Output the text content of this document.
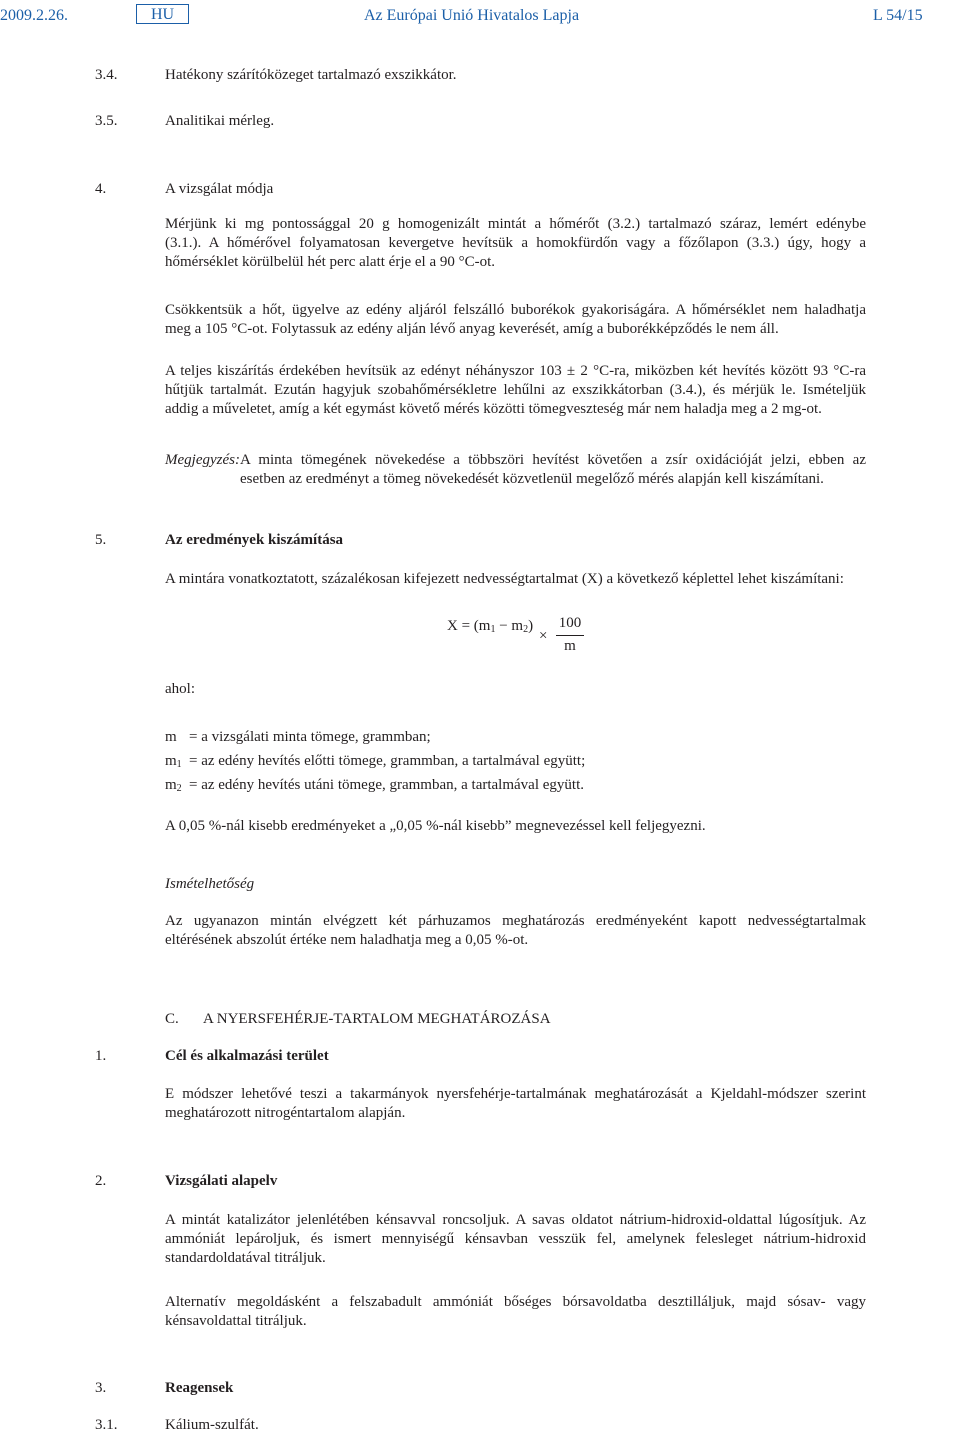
2009.2.26.	HU	Az Európai Unió Hivatalos Lapja	L 54/15
3.4.	Hatékony szárítóközeget tartalmazó exszikkátor.
3.5.	Analitikai mérleg.
4.	A vizsgálat módja
Mérjünk ki mg pontossággal 20 g homogenizált mintát a hőmérőt (3.2.) tartalmazó száraz, lemért edénybe
(3.1.). A hőmérővel folyamatosan kevergetve hevítsük a homokfürdőn vagy a főzőlapon (3.3.) úgy, hogy a
hőmérséklet körülbelül hét perc alatt érje el a 90 °C-ot.
Csökkentsük a hőt, ügyelve az edény aljáról felszálló buborékok gyakoriságára. A hőmérséklet nem haladhatja
meg a 105 °C-ot. Folytassuk az edény alján lévő anyag keverését, amíg a buborékképződés le nem áll.
A teljes kiszárítás érdekében hevítsük az edényt néhányszor 103 ± 2 °C-ra, miközben két hevítés között 93 °C-ra
hűtjük tartalmát. Ezután hagyjuk szobahőmérsékletre lehűlni az exszikkátorban (3.4.), és mérjük le. Ismételjük
addig a műveletet, amíg a két egymást követő mérés közötti tömegveszteség már nem haladja meg a 2 mg-ot.
Megjegyzés: A minta tömegének növekedése a többszöri hevítést követően a zsír oxidációját jelzi, ebben az
esetben az eredményt a tömeg növekedését közvetlenül megelőző mérés alapján kell kiszámítani.
5.	Az eredmények kiszámítása
A mintára vonatkoztatott, százalékosan kifejezett nedvességtartalmat (X) a következő képlettel lehet kiszámítani:
$X = (m_1 - m_2)$
×
100
m
ahol:
m = a vizsgálati minta tömege, grammban;
$m_1$ = az edény hevítés előtti tömege, grammban, a tartalmával együtt;
$m_2$ = az edény hevítés utáni tömege, grammban, a tartalmával együtt.
A 0,05 %-nál kisebb eredményeket a „0,05 %-nál kisebb” megnevezéssel kell feljegyezni.
Ismételhetőség
Az ugyanazon mintán elvégzett két párhuzamos meghatározás eredményeként kapott nedvességtartalmak
eltérésének abszolút értéke nem haladhatja meg a 0,05 %-ot.
C. A NYERSFEHÉRJE-TARTALOM MEGHATÁROZÁSA
1.	Cél és alkalmazási terület
E módszer lehetővé teszi a takarmányok nyersfehérje-tartalmának meghatározását a Kjeldahl-módszer szerint
meghatározott nitrogéntartalom alapján.
2.	Vizsgálati alapelv
A mintát katalizátor jelenlétében kénsavval roncsoljuk. A savas oldatot nátrium-hidroxid-oldattal lúgosítjuk. Az
ammóniát lepároljuk, és ismert mennyiségű kénsavban vesszük fel, amelynek felesleget nátrium-hidroxid
standardoldatával titráljuk.
Alternatív megoldásként a felszabadult ammóniát bőséges bórsavoldatba desztilláljuk, majd sósav- vagy
kénsavoldattal titráljuk.
3.	Reagensek
3.1.	Kálium-szulfát.
